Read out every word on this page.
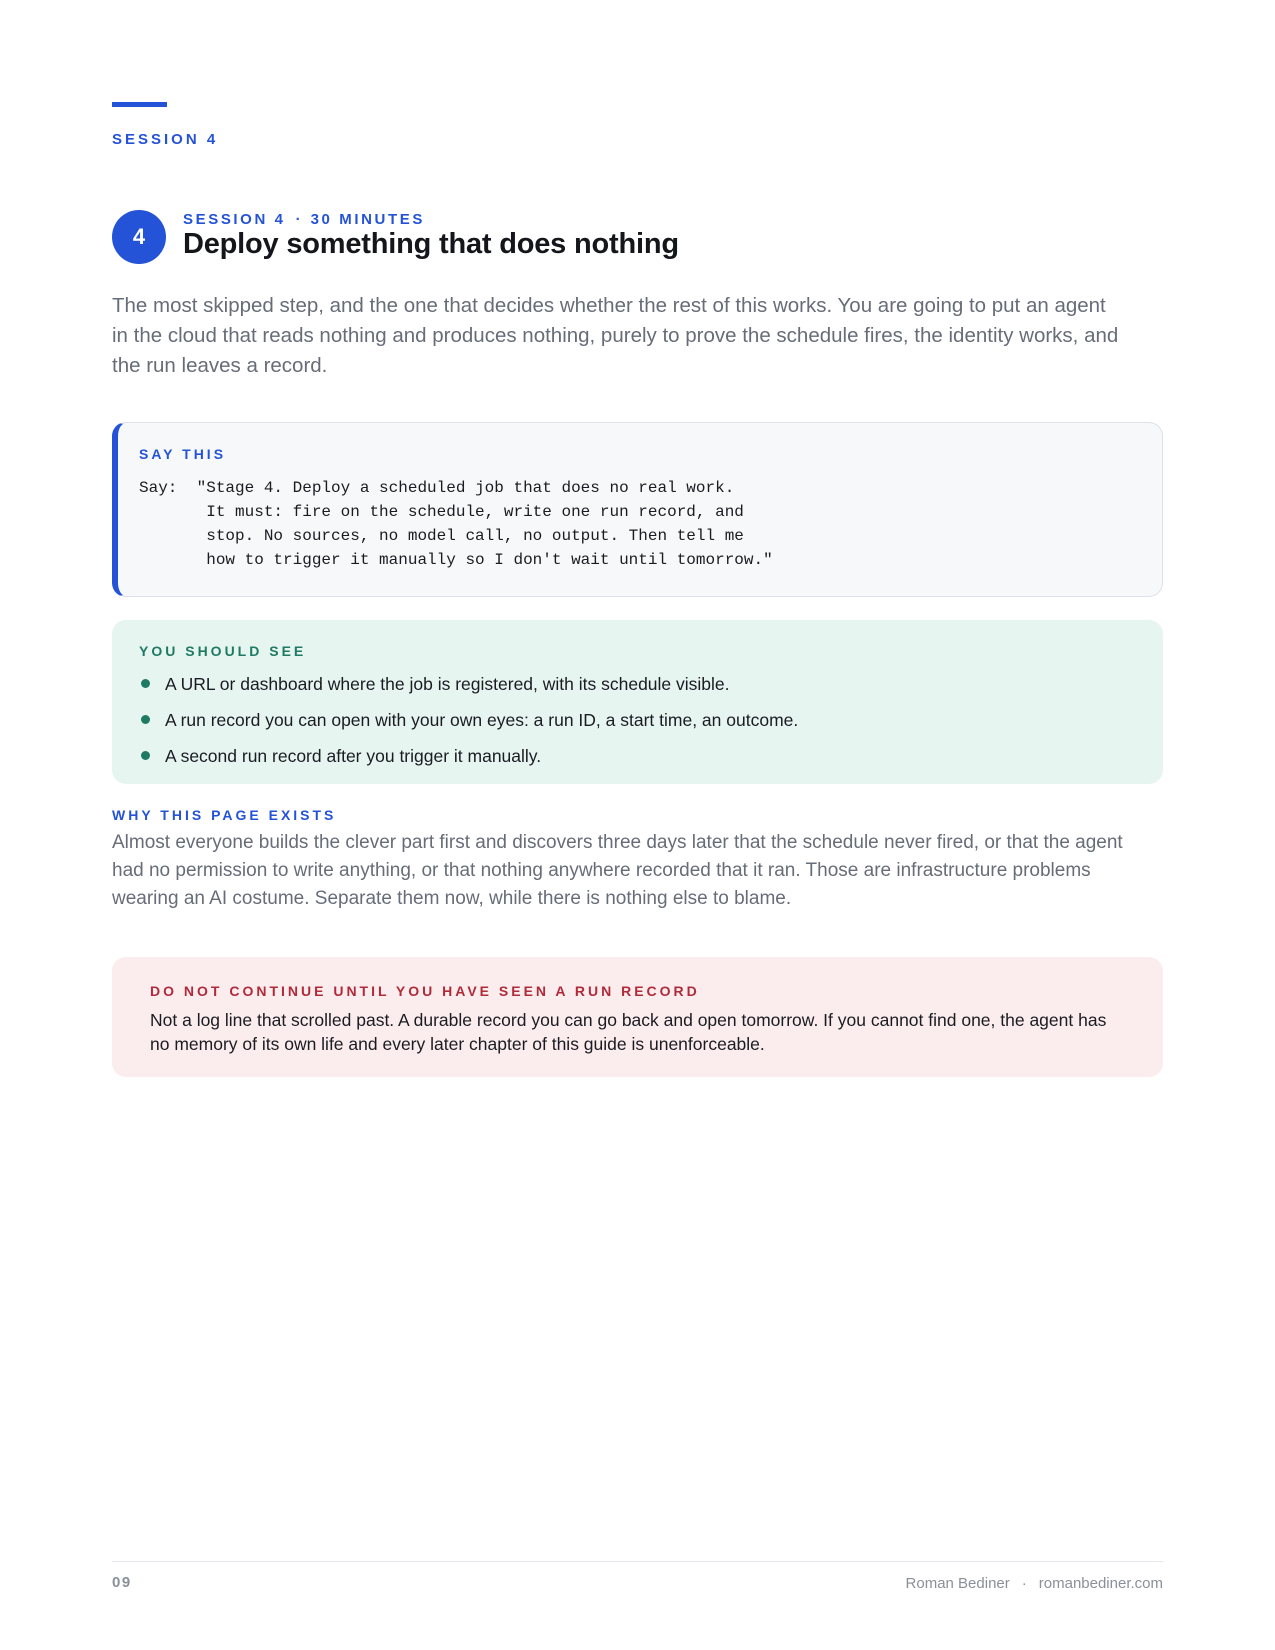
SESSION 4
4
SESSION 4 · 30 MINUTES
Deploy something that does nothing

The most skipped step, and the one that decides whether the rest of this works. You are going to put an agent in the cloud that reads nothing and produces nothing, purely to prove the schedule fires, the identity works, and the run leaves a record.

SAY THIS
Say:  "Stage 4. Deploy a scheduled job that does no real work.
It must: fire on the schedule, write one run record, and
stop. No sources, no model call, no output. Then tell me
how to trigger it manually so I don't wait until tomorrow."
YOU SHOULD SEE
A URL or dashboard where the job is registered, with its schedule visible.
A run record you can open with your own eyes: a run ID, a start time, an outcome.
A second run record after you trigger it manually.
WHY THIS PAGE EXISTS

Almost everyone builds the clever part first and discovers three days later that the schedule never fired, or that the agent had no permission to write anything, or that nothing anywhere recorded that it ran. Those are infrastructure problems wearing an AI costume. Separate them now, while there is nothing else to blame.

DO NOT CONTINUE UNTIL YOU HAVE SEEN A RUN RECORD

Not a log line that scrolled past. A durable record you can go back and open tomorrow. If you cannot find one, the agent has no memory of its own life and every later chapter of this guide is unenforceable.

09	Roman Bediner · romanbediner.com
